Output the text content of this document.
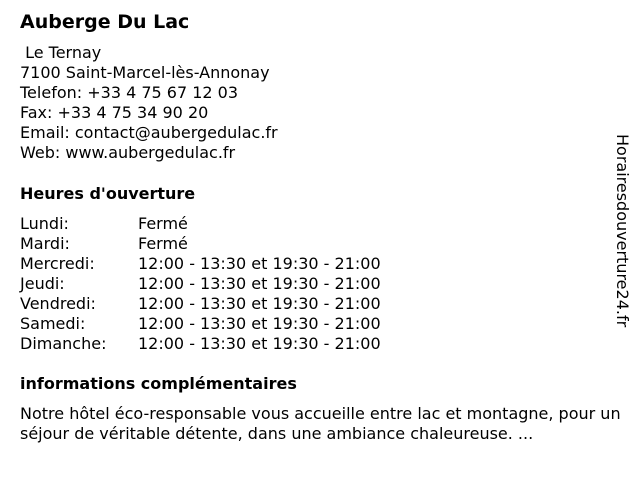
Auberge Du Lac
Le Ternay
7100 Saint-Marcel-lès-Annonay
Telefon: +33 4 75 67 12 03
Fax: +33 4 75 34 90 20
Email: contact@aubergedulac.fr
Web: www.aubergedulac.fr
Heures d'ouverture
Lundi:	Fermé
Mardi:	Fermé
Mercredi:	12:00 - 13:30 et 19:30 - 21:00
Jeudi:	12:00 - 13:30 et 19:30 - 21:00
Vendredi:	12:00 - 13:30 et 19:30 - 21:00
Samedi:	12:00 - 13:30 et 19:30 - 21:00
Dimanche:	12:00 - 13:30 et 19:30 - 21:00
informations complémentaires
Notre hôtel éco-responsable vous accueille entre lac et montagne, pour un séjour de véritable détente, dans une ambiance chaleureuse. ...
Horairesdouverture24.fr
